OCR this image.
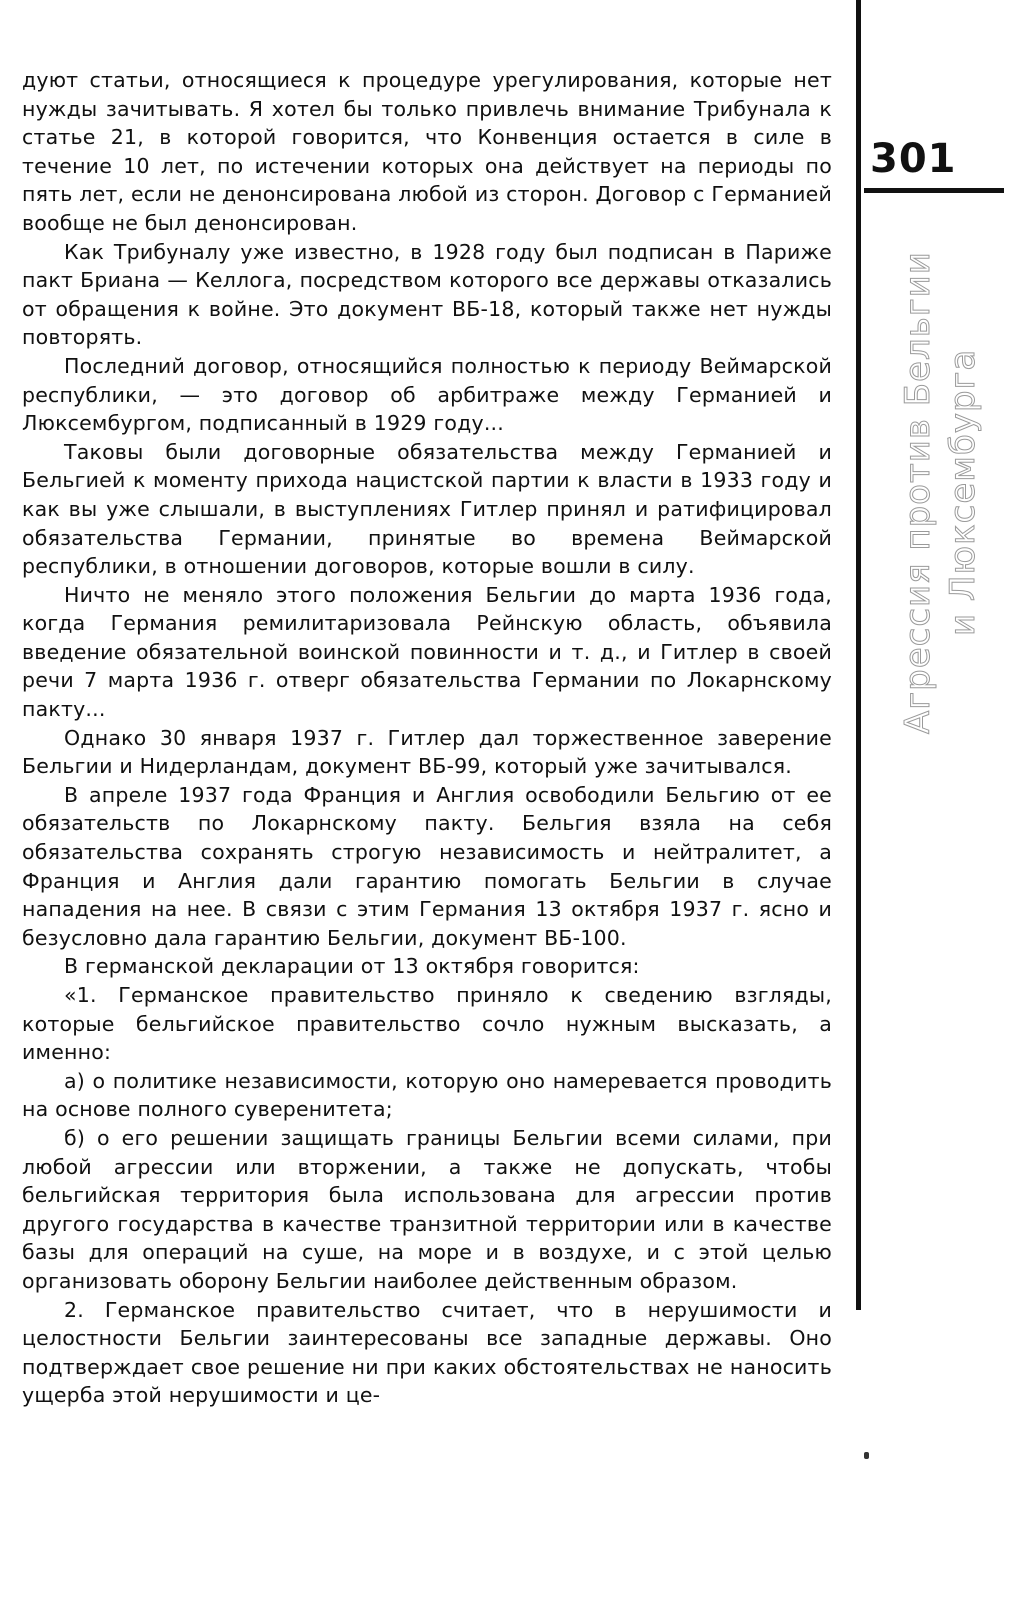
дуют статьи, относящиеся к процедуре урегулирования, которые нет нужды зачитывать. Я хотел бы только привлечь внимание Трибунала к статье 21, в которой говорится, что Конвенция остается в силе в течение 10 лет, по истечении которых она действует на периоды по пять лет, если не денонсирована любой из сторон. Договор с Германией вообще не был денонсирован.

Как Трибуналу уже известно, в 1928 году был подписан в Париже пакт Бриана — Келлога, посредством которого все державы отказались от обращения к войне. Это документ ВБ-18, который также нет нужды повторять.

Последний договор, относящийся полностью к периоду Веймарской республики, — это договор об арбитраже между Германией и Люксембургом, подписанный в 1929 году...

Таковы были договорные обязательства между Германией и Бельгией к моменту прихода нацистской партии к власти в 1933 году и как вы уже слышали, в выступлениях Гитлер принял и ратифицировал обязательства Германии, принятые во времена Веймарской республики, в отношении договоров, которые вошли в силу.

Ничто не меняло этого положения Бельгии до марта 1936 года, когда Германия ремилитаризовала Рейнскую область, объявила введение обязательной воинской повинности и т. д., и Гитлер в своей речи 7 марта 1936 г. отверг обязательства Германии по Локарнскому пакту...

Однако 30 января 1937 г. Гитлер дал торжественное заверение Бельгии и Нидерландам, документ ВБ-99, который уже зачитывался.

В апреле 1937 года Франция и Англия освободили Бельгию от ее обязательств по Локарнскому пакту. Бельгия взяла на себя обязательства сохранять строгую независимость и нейтралитет, а Франция и Англия дали гарантию помогать Бельгии в случае нападения на нее. В связи с этим Германия 13 октября 1937 г. ясно и безусловно дала гарантию Бельгии, документ ВБ-100.

В германской декларации от 13 октября говорится:

«1. Германское правительство приняло к сведению взгляды, которые бельгийское правительство сочло нужным высказать, а именно:

а) о политике независимости, которую оно намеревается проводить на основе полного суверенитета;

б) о его решении защищать границы Бельгии всеми силами, при любой агрессии или вторжении, а также не допускать, чтобы бельгийская территория была использована для агрессии против другого государства в качестве транзитной территории или в качестве базы для операций на суше, на море и в воздухе, и с этой целью организовать оборону Бельгии наиболее действенным образом.

2. Германское правительство считает, что в нерушимости и целостности Бельгии заинтересованы все западные державы. Оно подтверждает свое решение ни при каких обстоятельствах не наносить ущерба этой нерушимости и це-

301
Агрессия против Бельгии и Люксембурга
